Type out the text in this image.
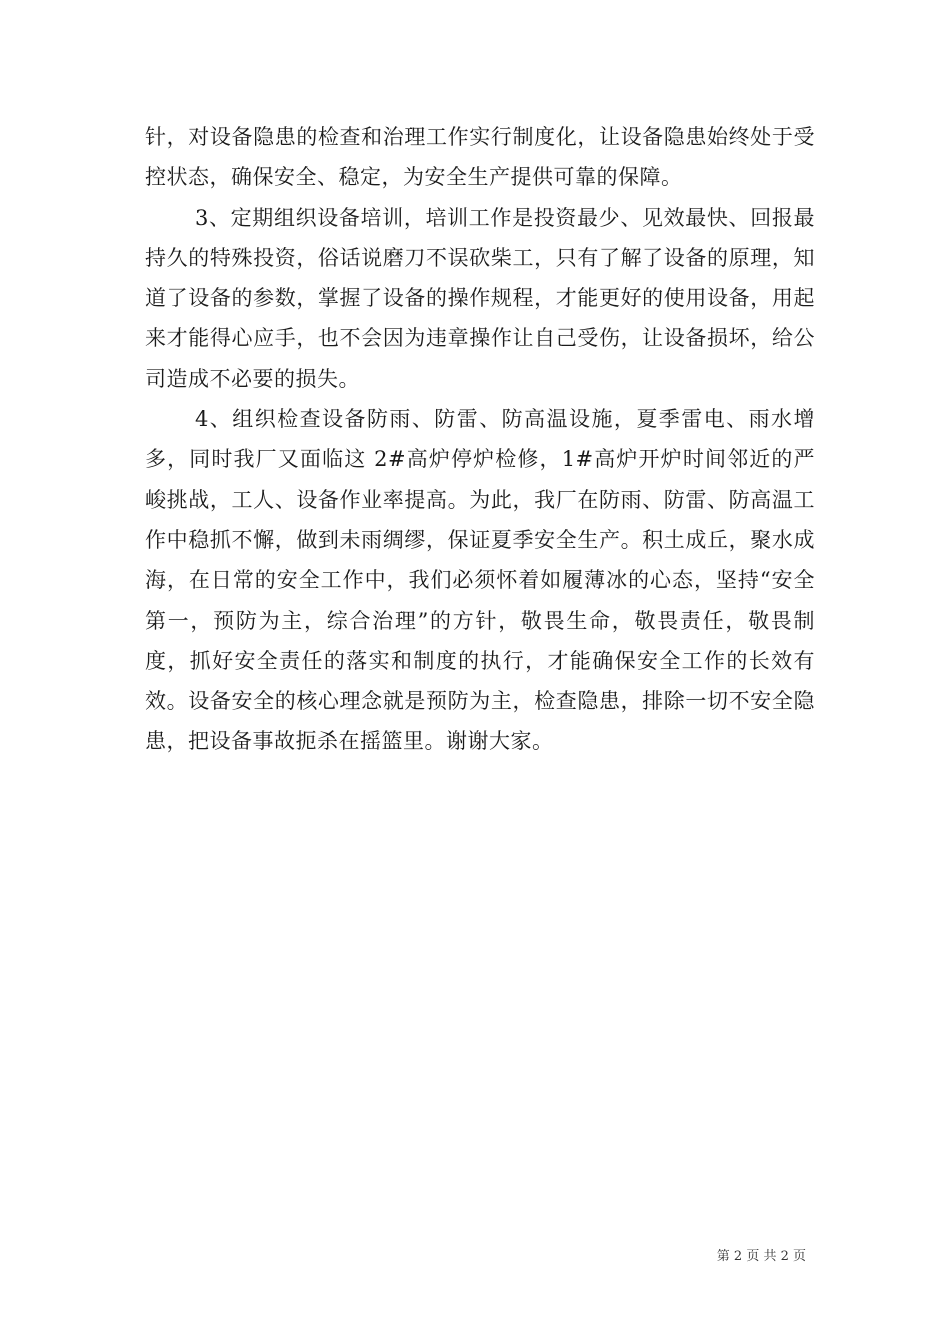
针，对设备隐患的检查和治理工作实行制度化，让设备隐患始终处于受控状态，确保安全、稳定，为安全生产提供可靠的保障。

3、定期组织设备培训，培训工作是投资最少、见效最快、回报最持久的特殊投资，俗话说磨刀不误砍柴工，只有了解了设备的原理，知道了设备的参数，掌握了设备的操作规程，才能更好的使用设备，用起来才能得心应手，也不会因为违章操作让自己受伤，让设备损坏，给公司造成不必要的损失。

4、组织检查设备防雨、防雷、防高温设施，夏季雷电、雨水增多，同时我厂又面临这 2#高炉停炉检修，1#高炉开炉时间邻近的严峻挑战，工人、设备作业率提高。为此，我厂在防雨、防雷、防高温工作中稳抓不懈，做到未雨绸缪，保证夏季安全生产。积土成丘，聚水成海，在日常的安全工作中，我们必须怀着如履薄冰的心态，坚持“安全第一，预防为主，综合治理”的方针，敬畏生命，敬畏责任，敬畏制度，抓好安全责任的落实和制度的执行，才能确保安全工作的长效有效。设备安全的核心理念就是预防为主，检查隐患，排除一切不安全隐患，把设备事故扼杀在摇篮里。谢谢大家。

第 2 页 共 2 页
